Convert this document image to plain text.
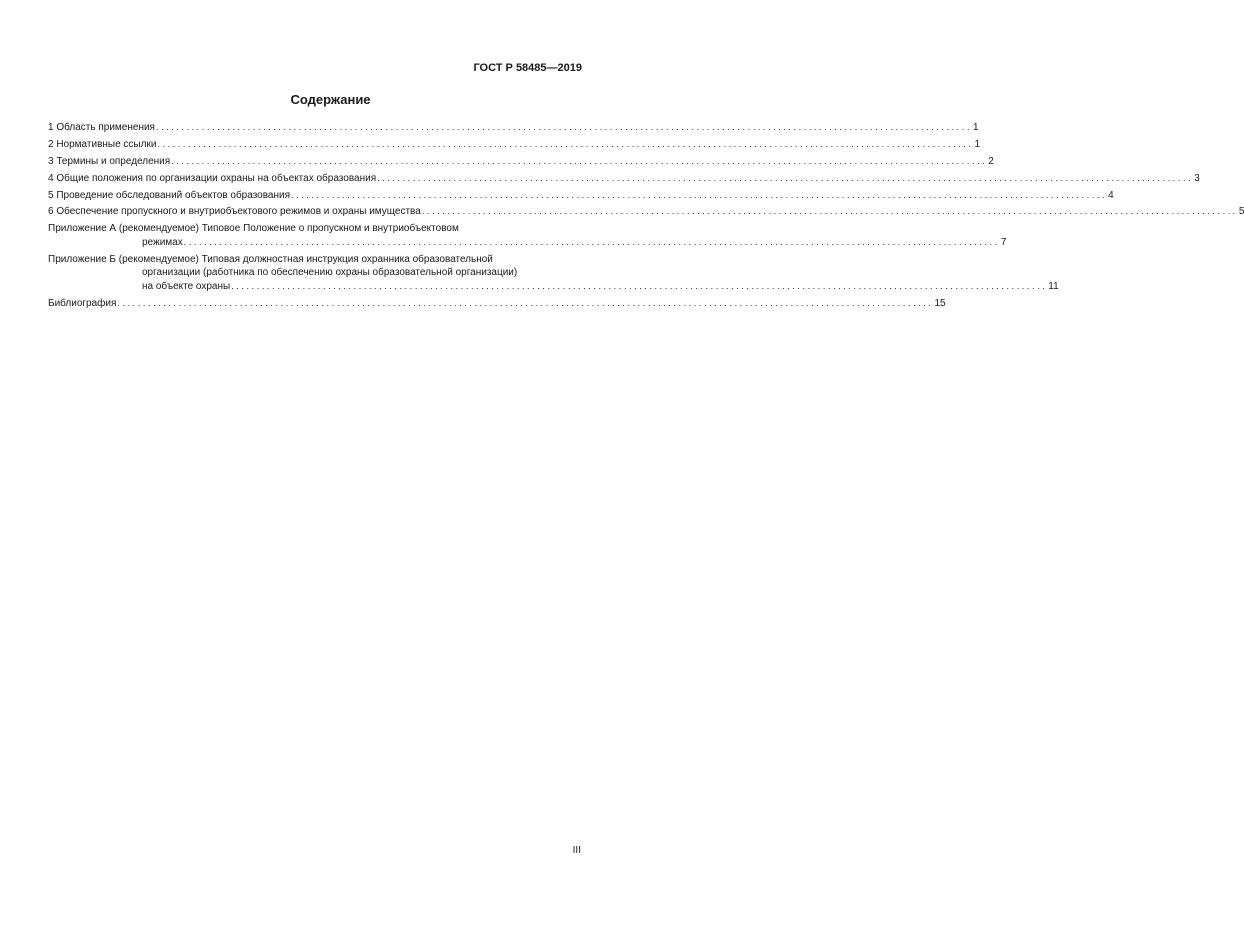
ГОСТ Р 58485—2019
Содержание
1 Область применения ................................................................................................................................................................ 1
2 Нормативные ссылки ................................................................................................................................................................ 1
3 Термины и определения ................................................................................................................................................................ 2
4 Общие положения по организации охраны на объектах образования ................................................................................................................................................................ 3
5 Проведение обследований объектов образования ................................................................................................................................................................ 4
6 Обеспечение пропускного и внутриобъектового режимов и охраны имущества ................................................................................................................................................................ 5
Приложение А (рекомендуемое) Типовое Положение о пропускном и внутриобъектовом
режимах ................................................................................................................................................................ 7
Приложение Б (рекомендуемое) Типовая должностная инструкция охранника образовательной
организации (работника по обеспечению охраны образовательной организации)
на объекте охраны ................................................................................................................................................................ 11
Библиография ................................................................................................................................................................ 15
III
